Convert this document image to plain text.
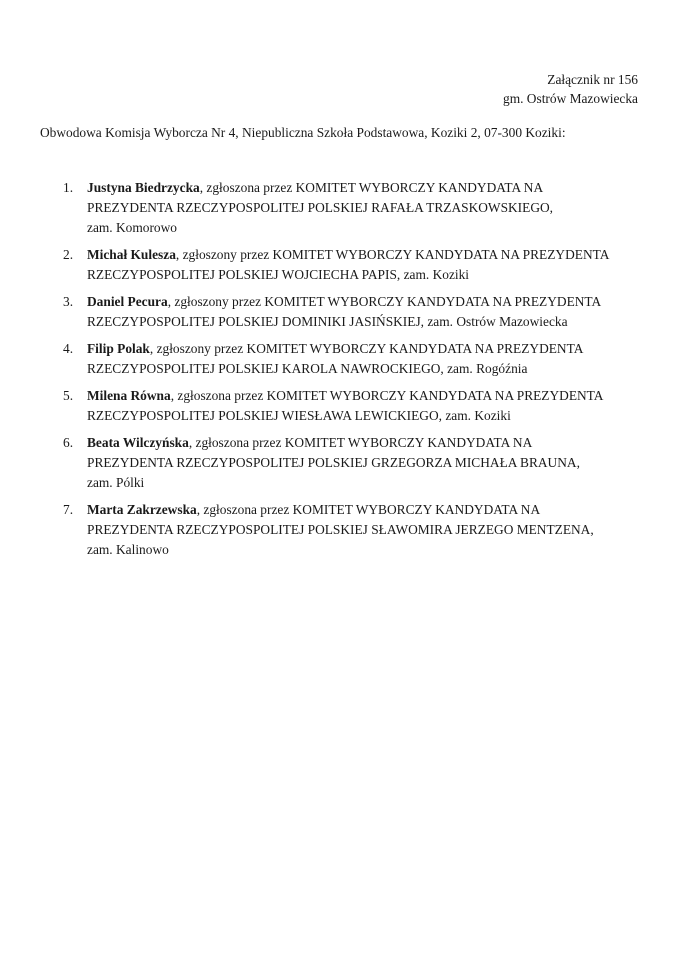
Załącznik nr 156
gm. Ostrów Mazowiecka
Obwodowa Komisja Wyborcza Nr 4, Niepubliczna Szkoła Podstawowa, Koziki 2, 07-300 Koziki:
1. Justyna Biedrzycka, zgłoszona przez KOMITET WYBORCZY KANDYDATA NA
PREZYDENTA RZECZYPOSPOLITEJ POLSKIEJ RAFAŁA TRZASKOWSKIEGO,
zam. Komorowo
2. Michał Kulesza, zgłoszony przez KOMITET WYBORCZY KANDYDATA NA PREZYDENTA
RZECZYPOSPOLITEJ POLSKIEJ WOJCIECHA PAPIS, zam. Koziki
3. Daniel Pecura, zgłoszony przez KOMITET WYBORCZY KANDYDATA NA PREZYDENTA
RZECZYPOSPOLITEJ POLSKIEJ DOMINIKI JASIŃSKIEJ, zam. Ostrów Mazowiecka
4. Filip Polak, zgłoszony przez KOMITET WYBORCZY KANDYDATA NA PREZYDENTA
RZECZYPOSPOLITEJ POLSKIEJ KAROLA NAWROCKIEGO, zam. Rogóźnia
5. Milena Równa, zgłoszona przez KOMITET WYBORCZY KANDYDATA NA PREZYDENTA
RZECZYPOSPOLITEJ POLSKIEJ WIESŁAWA LEWICKIEGO, zam. Koziki
6. Beata Wilczyńska, zgłoszona przez KOMITET WYBORCZY KANDYDATA NA
PREZYDENTA RZECZYPOSPOLITEJ POLSKIEJ GRZEGORZA MICHAŁA BRAUNA,
zam. Pólki
7. Marta Zakrzewska, zgłoszona przez KOMITET WYBORCZY KANDYDATA NA
PREZYDENTA RZECZYPOSPOLITEJ POLSKIEJ SŁAWOMIRA JERZEGO MENTZENA,
zam. Kalinowo
